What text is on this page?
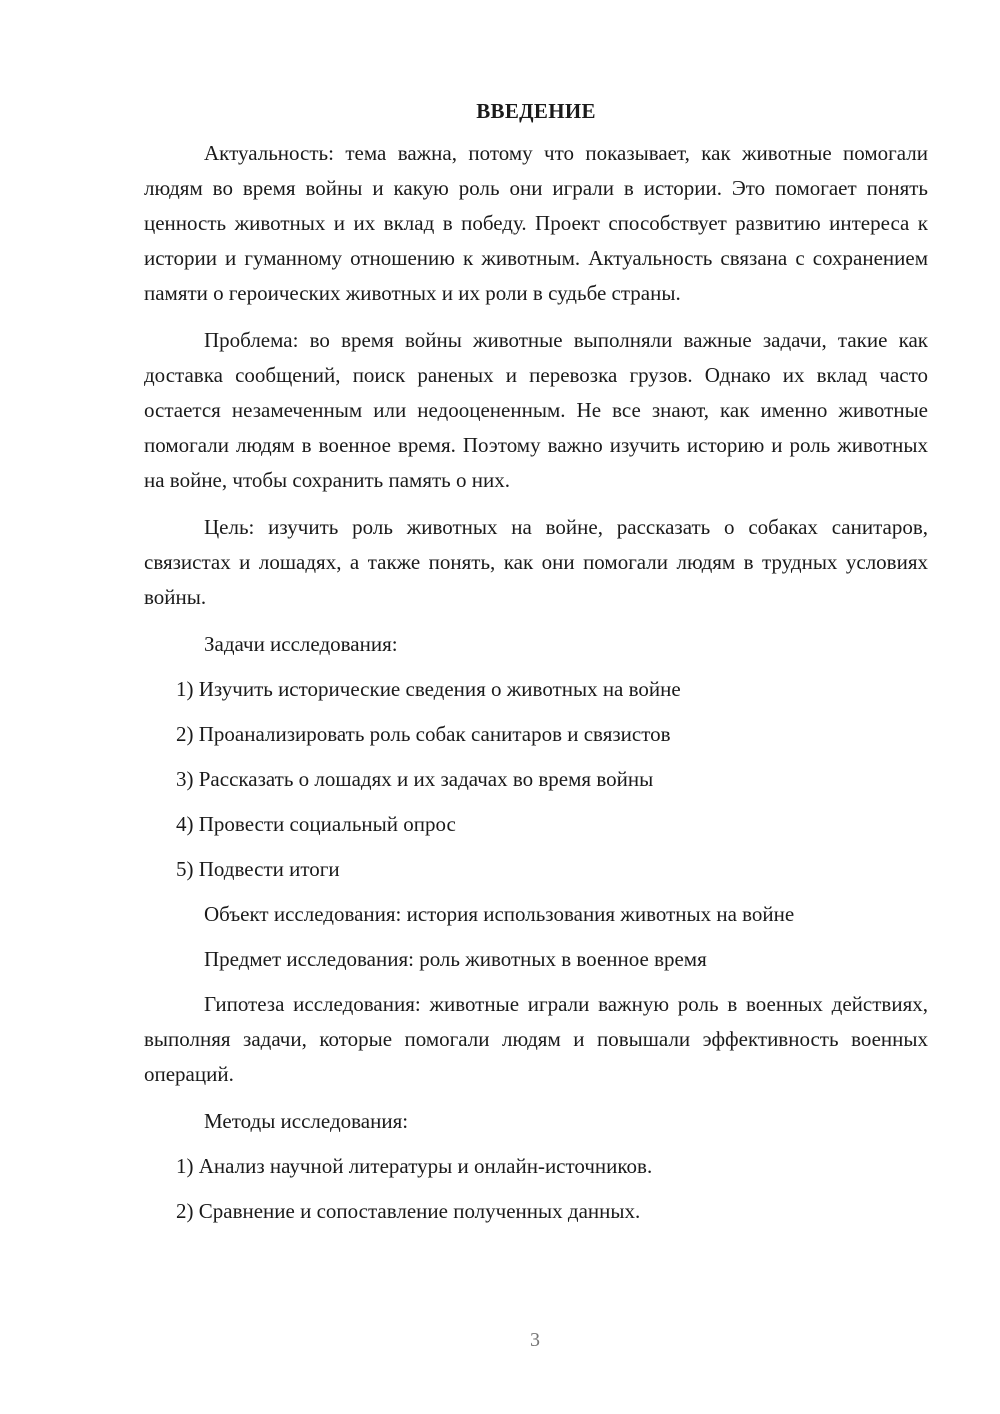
ВВЕДЕНИЕ

Актуальность: тема важна, потому что показывает, как животные помогали людям во время войны и какую роль они играли в истории. Это помогает понять ценность животных и их вклад в победу. Проект способствует развитию интереса к истории и гуманному отношению к животным. Актуальность связана с сохранением памяти о героических животных и их роли в судьбе страны.

Проблема: во время войны животные выполняли важные задачи, такие как доставка сообщений, поиск раненых и перевозка грузов. Однако их вклад часто остается незамеченным или недооцененным. Не все знают, как именно животные помогали людям в военное время. Поэтому важно изучить историю и роль животных на войне, чтобы сохранить память о них.

Цель: изучить роль животных на войне, рассказать о собаках санитаров, связистах и лошадях, а также понять, как они помогали людям в трудных условиях войны.

Задачи исследования:

1) Изучить исторические сведения о животных на войне

2) Проанализировать роль собак санитаров и связистов

3) Рассказать о лошадях и их задачах во время войны

4) Провести социальный опрос

5) Подвести итоги

Объект исследования: история использования животных на войне

Предмет исследования: роль животных в военное время

Гипотеза исследования: животные играли важную роль в военных действиях, выполняя задачи, которые помогали людям и повышали эффективность военных операций.

Методы исследования:

1) Анализ научной литературы и онлайн-источников.

2) Сравнение и сопоставление полученных данных.

3
